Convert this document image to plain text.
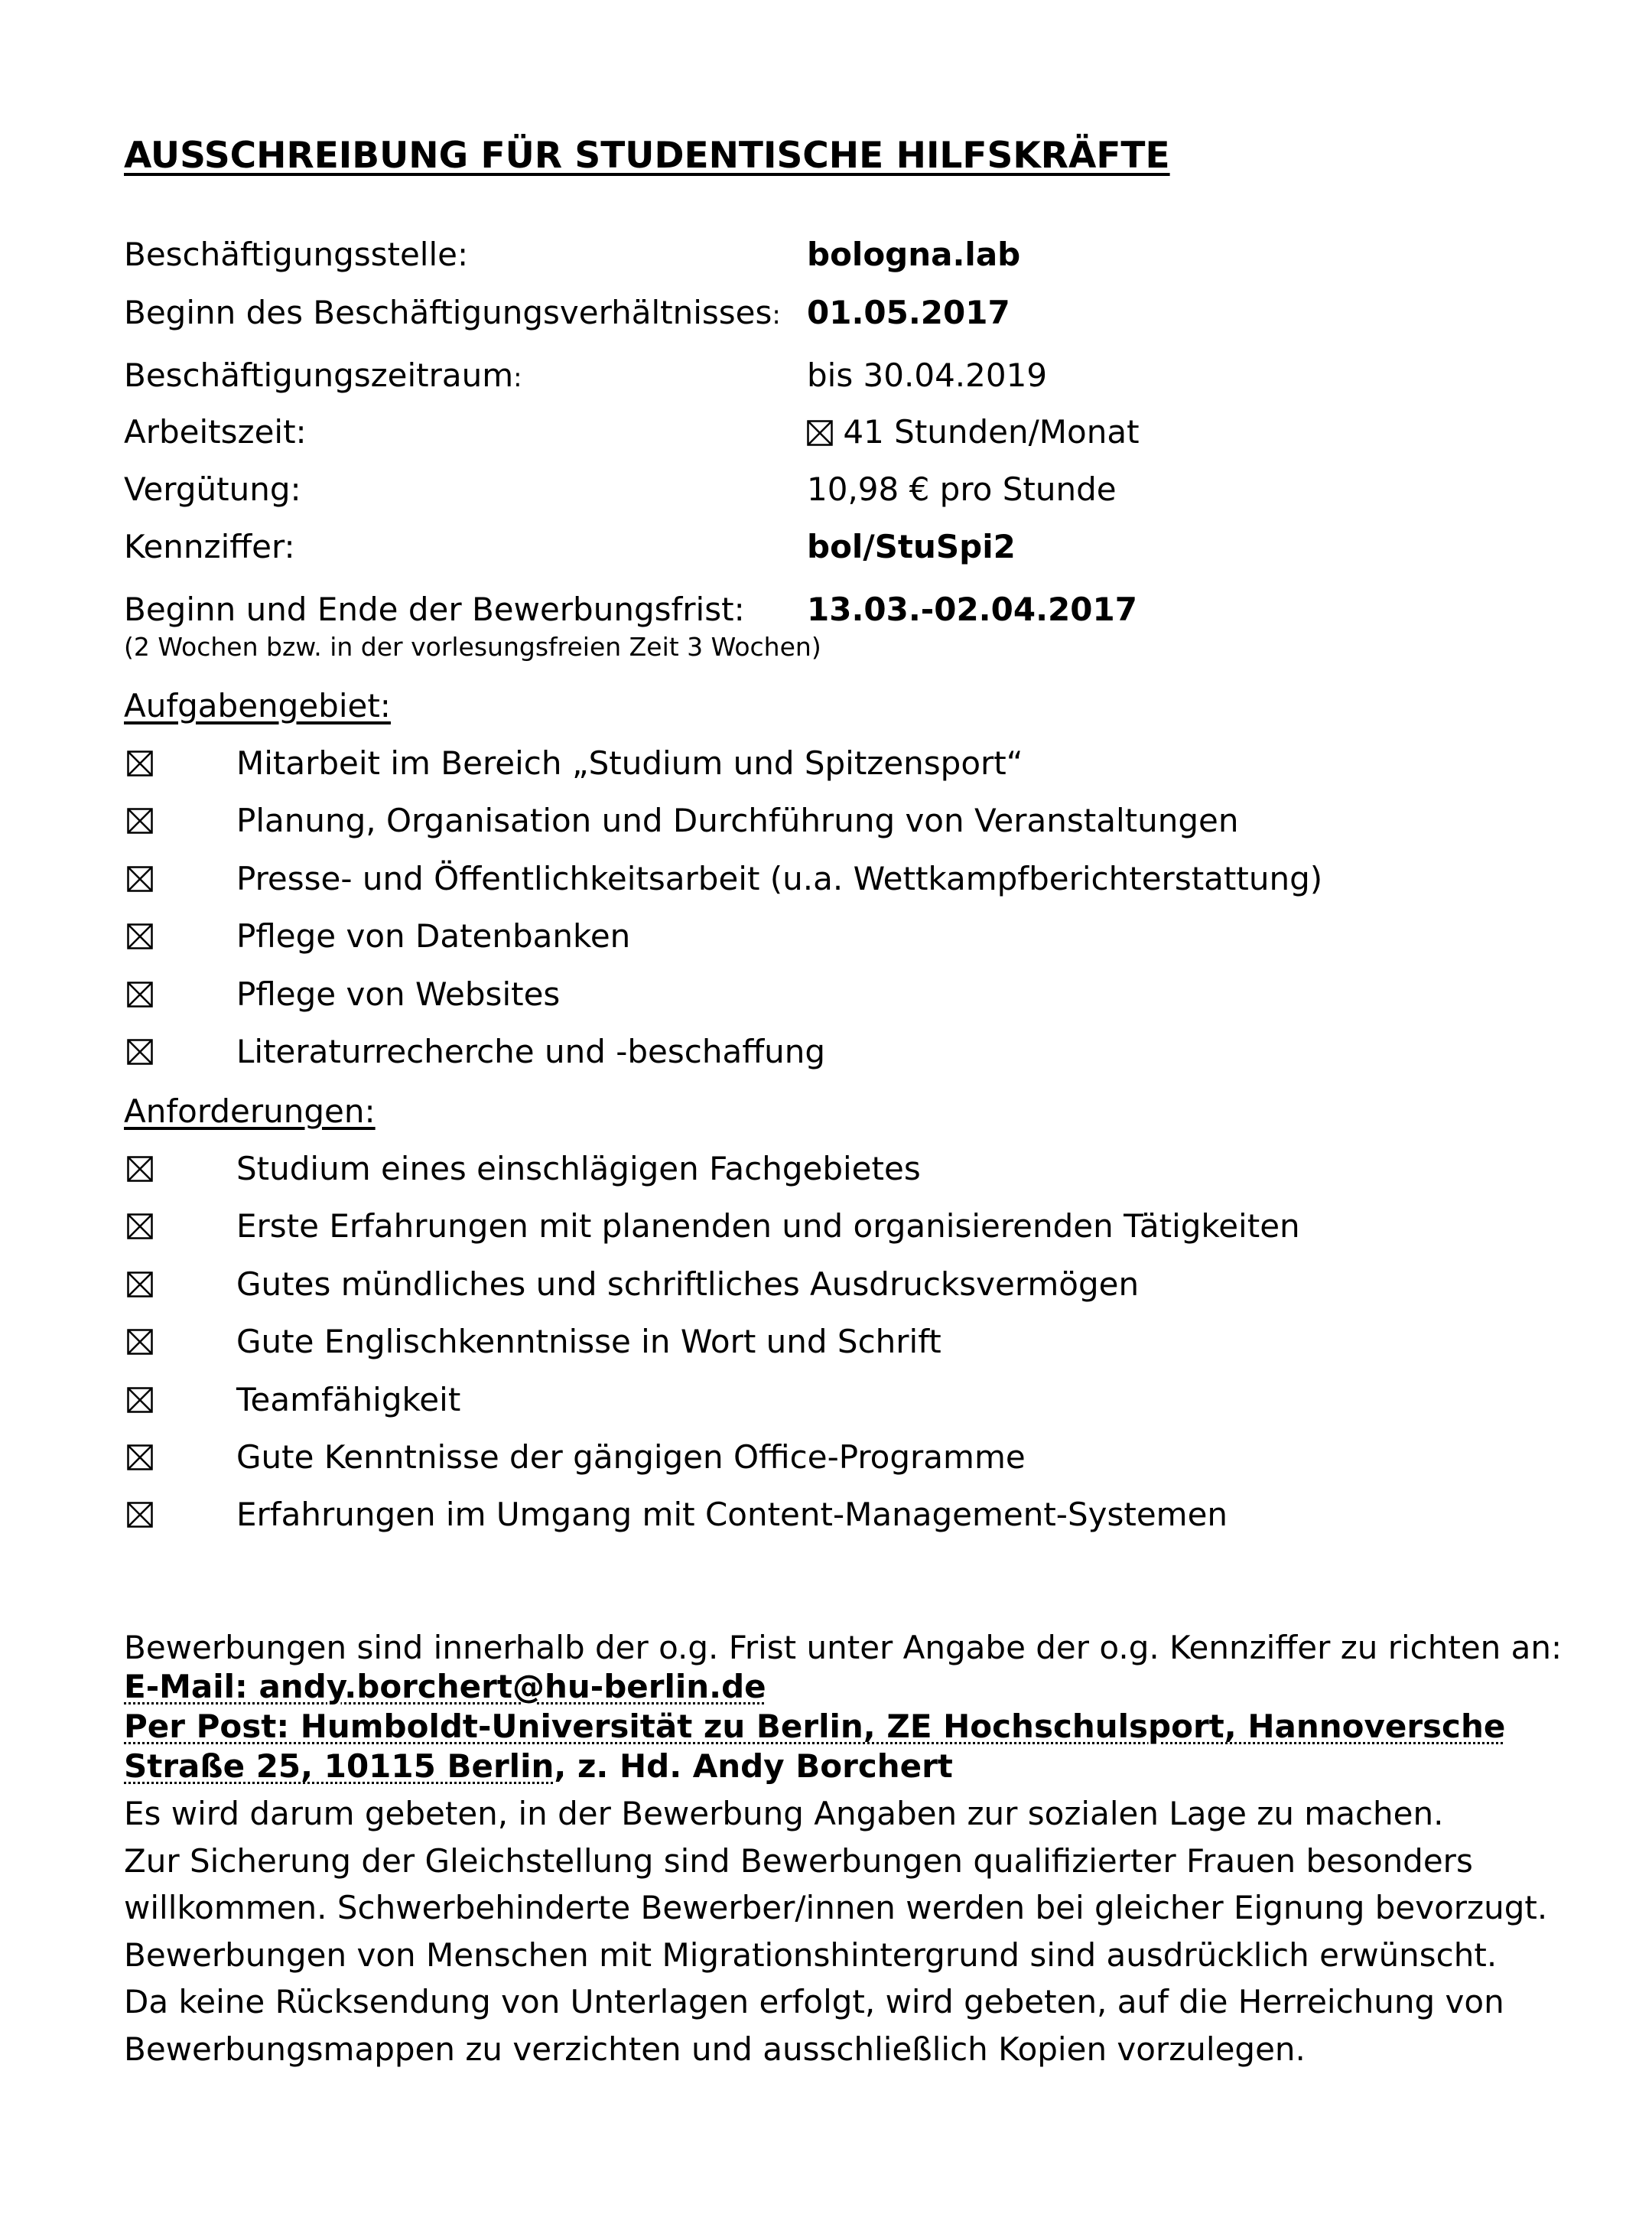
AUSSCHREIBUNG FÜR STUDENTISCHE HILFSKRÄFTE
Beschäftigungsstelle:	bologna.lab
Beginn des Beschäftigungsverhältnisses: 01.05.2017
Beschäftigungszeitraum:	bis 30.04.2019
Arbeitszeit:	41 Stunden/Monat
Vergütung:	10,98 € pro Stunde
Kennziffer:	bol/StuSpi2
Beginn und Ende der Bewerbungsfrist: 13.03.-02.04.2017
(2 Wochen bzw. in der vorlesungsfreien Zeit 3 Wochen)
Aufgabengebiet:
Mitarbeit im Bereich „Studium und Spitzensport“
Planung, Organisation und Durchführung von Veranstaltungen
Presse- und Öffentlichkeitsarbeit (u.a. Wettkampfberichterstattung)
Pflege von Datenbanken
Pflege von Websites
Literaturrecherche und -beschaffung
Anforderungen:
Studium eines einschlägigen Fachgebietes
Erste Erfahrungen mit planenden und organisierenden Tätigkeiten
Gutes mündliches und schriftliches Ausdrucksvermögen
Gute Englischkenntnisse in Wort und Schrift
Teamfähigkeit
Gute Kenntnisse der gängigen Office-Programme
Erfahrungen im Umgang mit Content-Management-Systemen

Bewerbungen sind innerhalb der o.g. Frist unter Angabe der o.g. Kennziffer zu richten an:

E-Mail: andy.borchert@hu-berlin.de

Per Post: Humboldt-Universität zu Berlin, ZE Hochschulsport, Hannoversche

Straße 25, 10115 Berlin, z. Hd. Andy Borchert

Es wird darum gebeten, in der Bewerbung Angaben zur sozialen Lage zu machen.

Zur Sicherung der Gleichstellung sind Bewerbungen qualifizierter Frauen besonders

willkommen. Schwerbehinderte Bewerber/innen werden bei gleicher Eignung bevorzugt.

Bewerbungen von Menschen mit Migrationshintergrund sind ausdrücklich erwünscht.

Da keine Rücksendung von Unterlagen erfolgt, wird gebeten, auf die Herreichung von

Bewerbungsmappen zu verzichten und ausschließlich Kopien vorzulegen.
